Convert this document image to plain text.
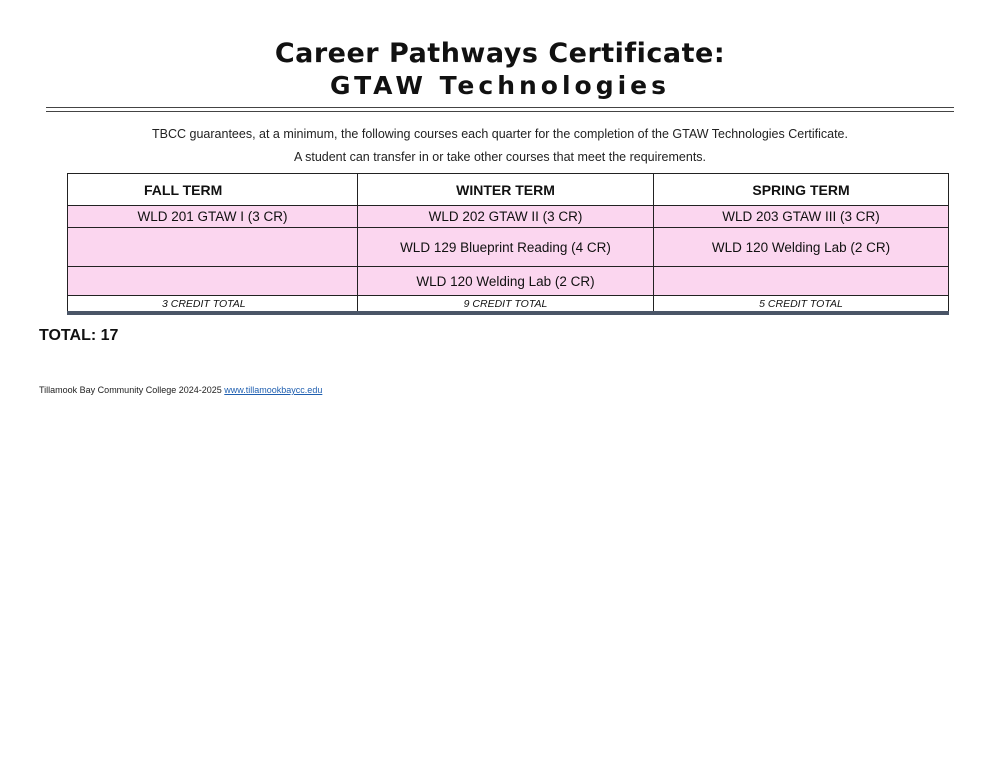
Career Pathways Certificate:
GTAW Technologies
TBCC guarantees, at a minimum, the following courses each quarter for the completion of the GTAW Technologies Certificate.
A student can transfer in or take other courses that meet the requirements.
FALL TERM	WINTER TERM	SPRING TERM
WLD 201 GTAW I (3 CR)	WLD 202 GTAW II (3 CR)	WLD 203 GTAW III (3 CR)
	WLD 129 Blueprint Reading (4 CR)	WLD 120 Welding Lab (2 CR)
	WLD 120 Welding Lab (2 CR)	
3 CREDIT TOTAL	9 CREDIT TOTAL	5 CREDIT TOTAL
TOTAL: 17
Tillamook Bay Community College 2024-2025 www.tillamookbaycc.edu
